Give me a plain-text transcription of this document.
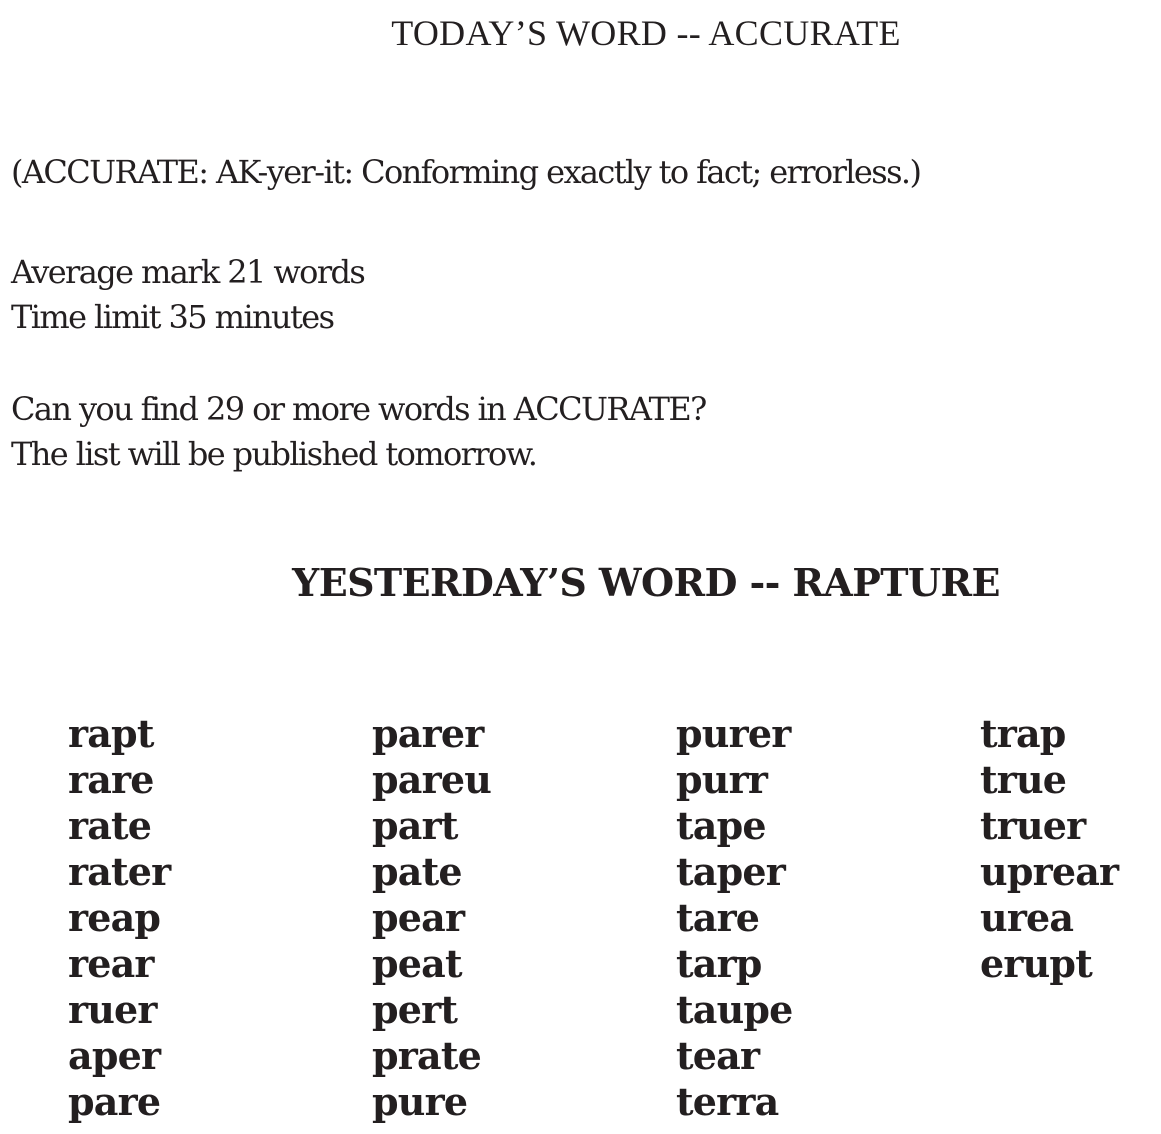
TODAY’S WORD -- ACCURATE
(ACCURATE: AK-yer-it: Conforming exactly to fact; errorless.)
Average mark 21 words
Time limit 35 minutes
Can you find 29 or more words in ACCURATE?
The list will be published tomorrow.
YESTERDAY’S WORD -- RAPTURE
rapt
rare
rate
rater
reap
rear
ruer
aper
pare
parer
pareu
part
pate
pear
peat
pert
prate
pure
purer
purr
tape
taper
tare
tarp
taupe
tear
terra
trap
true
truer
uprear
urea
erupt
